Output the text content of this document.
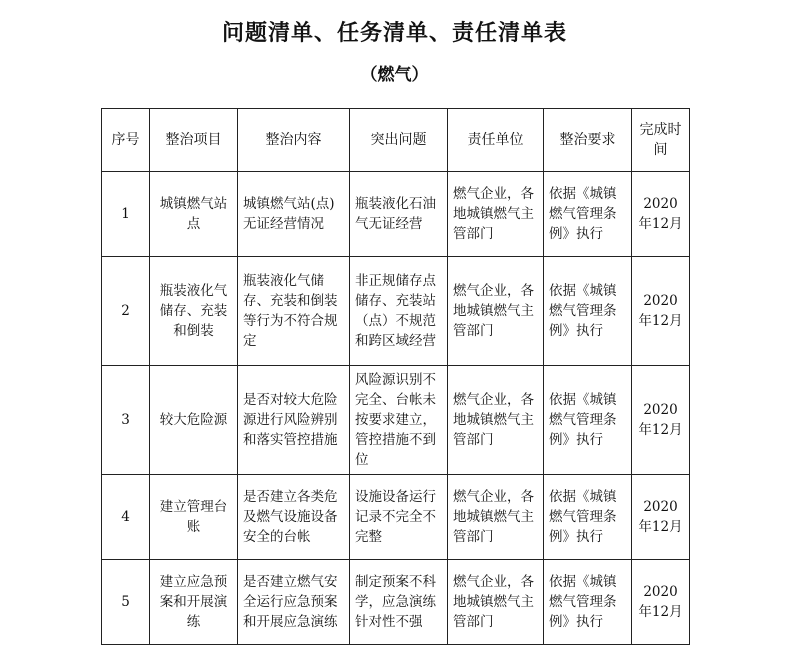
问题清单、任务清单、责任清单表
（燃气）
序号	整治项目	整治内容	突出问题	责任单位	整治要求	完成时间
1	城镇燃气站点	城镇燃气站(点)无证经营情况	瓶装液化石油气无证经营	燃气企业，各地城镇燃气主管部门	依据《城镇燃气管理条例》执行	2020年12月
2	瓶装液化气储存、充装和倒装	瓶装液化气储存、充装和倒装等行为不符合规定	非正规储存点储存、充装站（点）不规范和跨区域经营	燃气企业，各地城镇燃气主管部门	依据《城镇燃气管理条例》执行	2020年12月
3	较大危险源	是否对较大危险源进行风险辨别和落实管控措施	风险源识别不完全、台帐未按要求建立，管控措施不到位	燃气企业，各地城镇燃气主管部门	依据《城镇燃气管理条例》执行	2020年12月
4	建立管理台账	是否建立各类危及燃气设施设备安全的台帐	设施设备运行记录不完全不完整	燃气企业，各地城镇燃气主管部门	依据《城镇燃气管理条例》执行	2020年12月
5	建立应急预案和开展演练	是否建立燃气安全运行应急预案和开展应急演练	制定预案不科学，应急演练针对性不强	燃气企业，各地城镇燃气主管部门	依据《城镇燃气管理条例》执行	2020年12月
